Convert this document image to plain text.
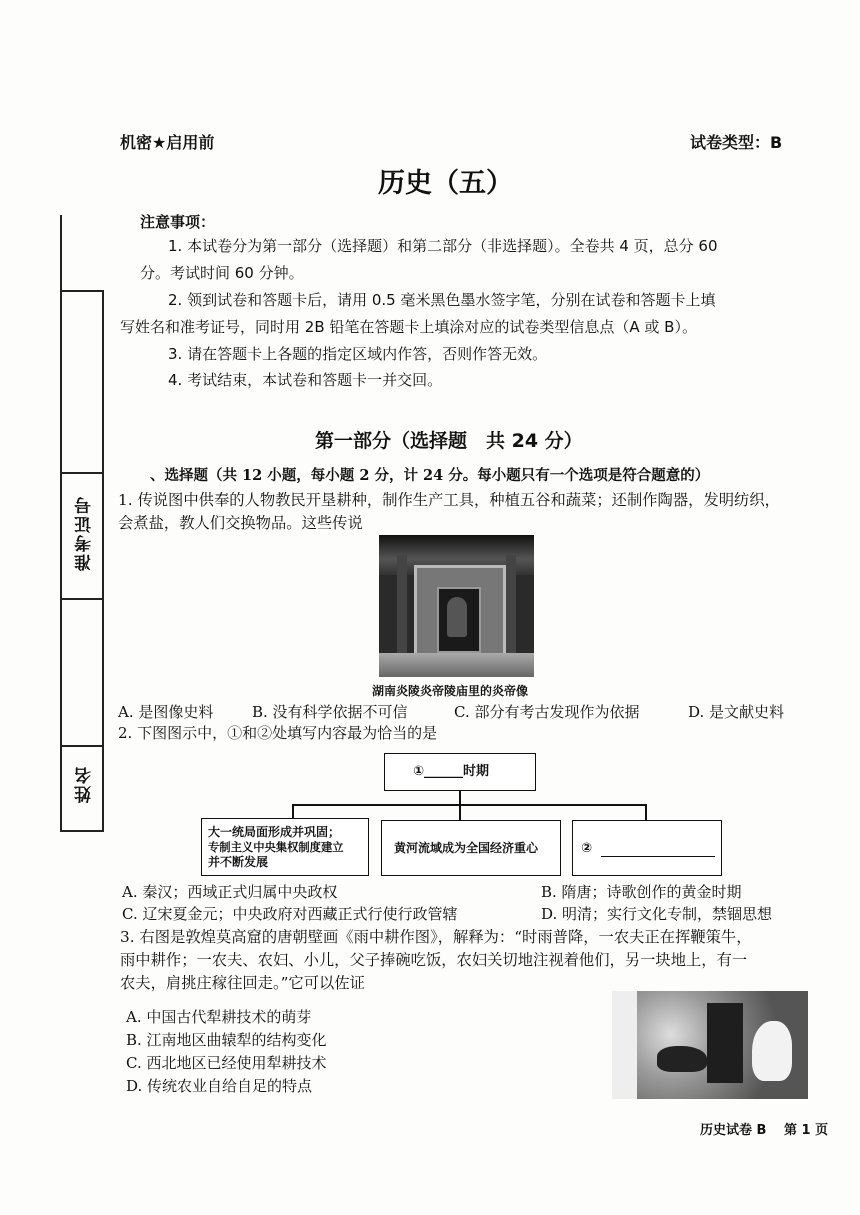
准考证号
姓名
机密★启用前	试卷类型：B
历史（五）
注意事项：
1. 本试卷分为第一部分（选择题）和第二部分（非选择题）。全卷共 4 页，总分 60
分。考试时间 60 分钟。
2. 领到试卷和答题卡后，请用 0.5 毫米黑色墨水签字笔，分别在试卷和答题卡上填
写姓名和准考证号，同时用 2B 铅笔在答题卡上填涂对应的试卷类型信息点（A 或 B）。
3. 请在答题卡上各题的指定区域内作答，否则作答无效。
4. 考试结束，本试卷和答题卡一并交回。
第一部分（选择题　共 24 分）
、选择题（共 12 小题，每小题 2 分，计 24 分。每小题只有一个选项是符合题意的）
1. 传说图中供奉的人物教民开垦耕种，制作生产工具，种植五谷和蔬菜；还制作陶器，发明纺织，
会煮盐，教人们交换物品。这些传说
湖南炎陵炎帝陵庙里的炎帝像
A. 是图像史料	B. 没有科学依据不可信	C. 部分有考古发现作为依据	D. 是文献史料
2. 下图图示中，①和②处填写内容最为恰当的是
①______时期
大一统局面形成并巩固；
专制主义中央集权制度建立
并不断发展
黄河流域成为全国经济重心	②
A. 秦汉；西域正式归属中央政权	B. 隋唐；诗歌创作的黄金时期
C. 辽宋夏金元；中央政府对西藏正式行使行政管辖	D. 明清；实行文化专制，禁锢思想
3. 右图是敦煌莫高窟的唐朝壁画《雨中耕作图》，解释为：“时雨普降，一农夫正在挥鞭策牛，
雨中耕作；一农夫、农妇、小儿，父子捧碗吃饭，农妇关切地注视着他们，另一块地上，有一
农夫，肩挑庄稼往回走。”它可以佐证
A. 中国古代犁耕技术的萌芽
B. 江南地区曲辕犁的结构变化
C. 西北地区已经使用犁耕技术
D. 传统农业自给自足的特点
历史试卷 B 第 1 页
